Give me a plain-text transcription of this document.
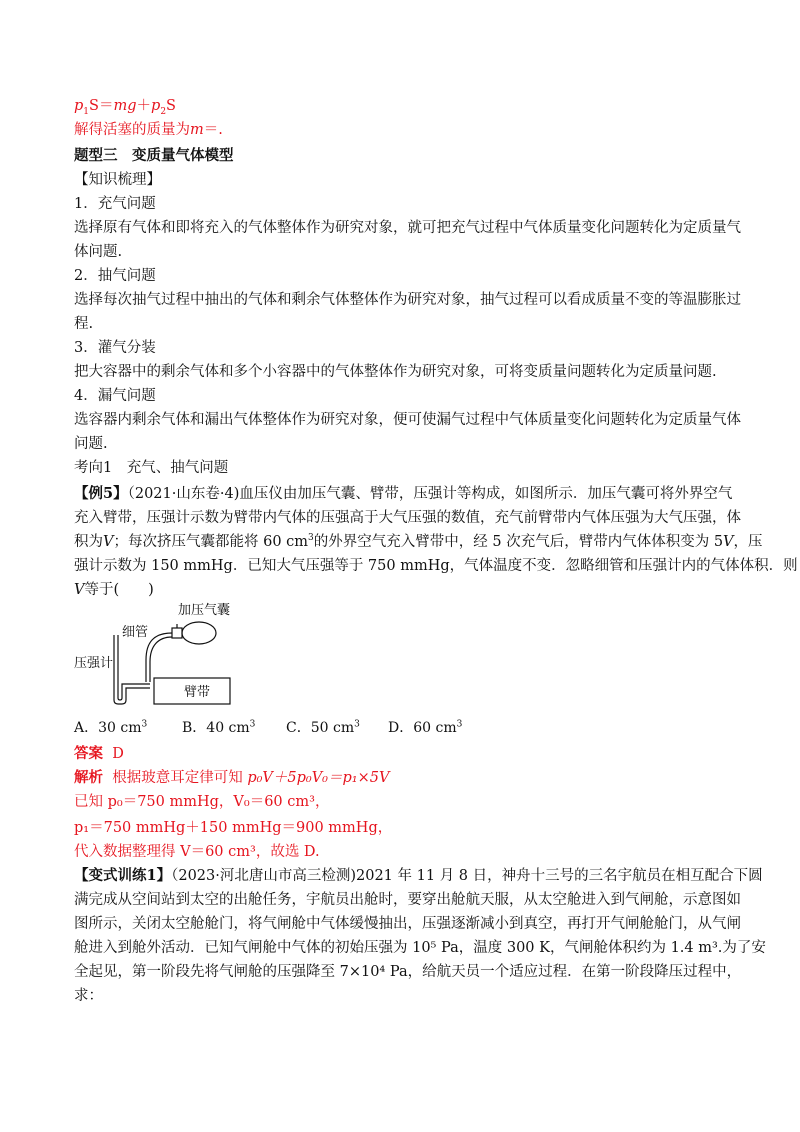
$p_1S=mg+p_2S$
解得活塞的质量为m＝.
题型三　变质量气体模型
【知识梳理】
1．充气问题
选择原有气体和即将充入的气体整体作为研究对象，就可把充气过程中气体质量变化问题转化为定质量气
体问题.
2．抽气问题
选择每次抽气过程中抽出的气体和剩余气体整体作为研究对象，抽气过程可以看成质量不变的等温膨胀过
程.
3．灌气分装
把大容器中的剩余气体和多个小容器中的气体整体作为研究对象，可将变质量问题转化为定质量问题.
4．漏气问题
选容器内剩余气体和漏出气体整体作为研究对象，便可使漏气过程中气体质量变化问题转化为定质量气体
问题.
考向1　充气、抽气问题
【例5】（2021·山东卷·4)血压仪由加压气囊、臂带，压强计等构成，如图所示．加压气囊可将外界空气
充入臂带，压强计示数为臂带内气体的压强高于大气压强的数值，充气前臂带内气体压强为大气压强，体
积为V；每次挤压气囊都能将 60 $cm^3$的外界空气充入臂带中，经 5 次充气后，臂带内气体体积变为 5V，压
强计示数为 150 mmHg．已知大气压强等于 750 mmHg，气体温度不变．忽略细管和压强计内的气体体积．则
V等于(　　)
加压气囊
细管
压强计
臂带
A．30 $cm^3$ B．40 $cm^3$ C．50 $cm^3$ D．60 $cm^3$
答案 D
解析 根据玻意耳定律可知 p₀V＋5p₀V₀＝p₁×5V
已知 p₀＝750 mmHg，V₀＝60 cm³，
p₁＝750 mmHg＋150 mmHg＝900 mmHg，
代入数据整理得 V＝60 cm³，故选 D.
【变式训练1】（2023·河北唐山市高三检测)2021 年 11 月 8 日，神舟十三号的三名宇航员在相互配合下圆
满完成从空间站到太空的出舱任务，宇航员出舱时，要穿出舱航天服，从太空舱进入到气闸舱，示意图如
图所示，关闭太空舱舱门，将气闸舱中气体缓慢抽出，压强逐渐减小到真空，再打开气闸舱舱门，从气闸
舱进入到舱外活动．已知气闸舱中气体的初始压强为 10⁵ Pa，温度 300 K，气闸舱体积约为 1.4 m³.为了安
全起见，第一阶段先将气闸舱的压强降至 7×10⁴ Pa，给航天员一个适应过程．在第一阶段降压过程中，
求：
